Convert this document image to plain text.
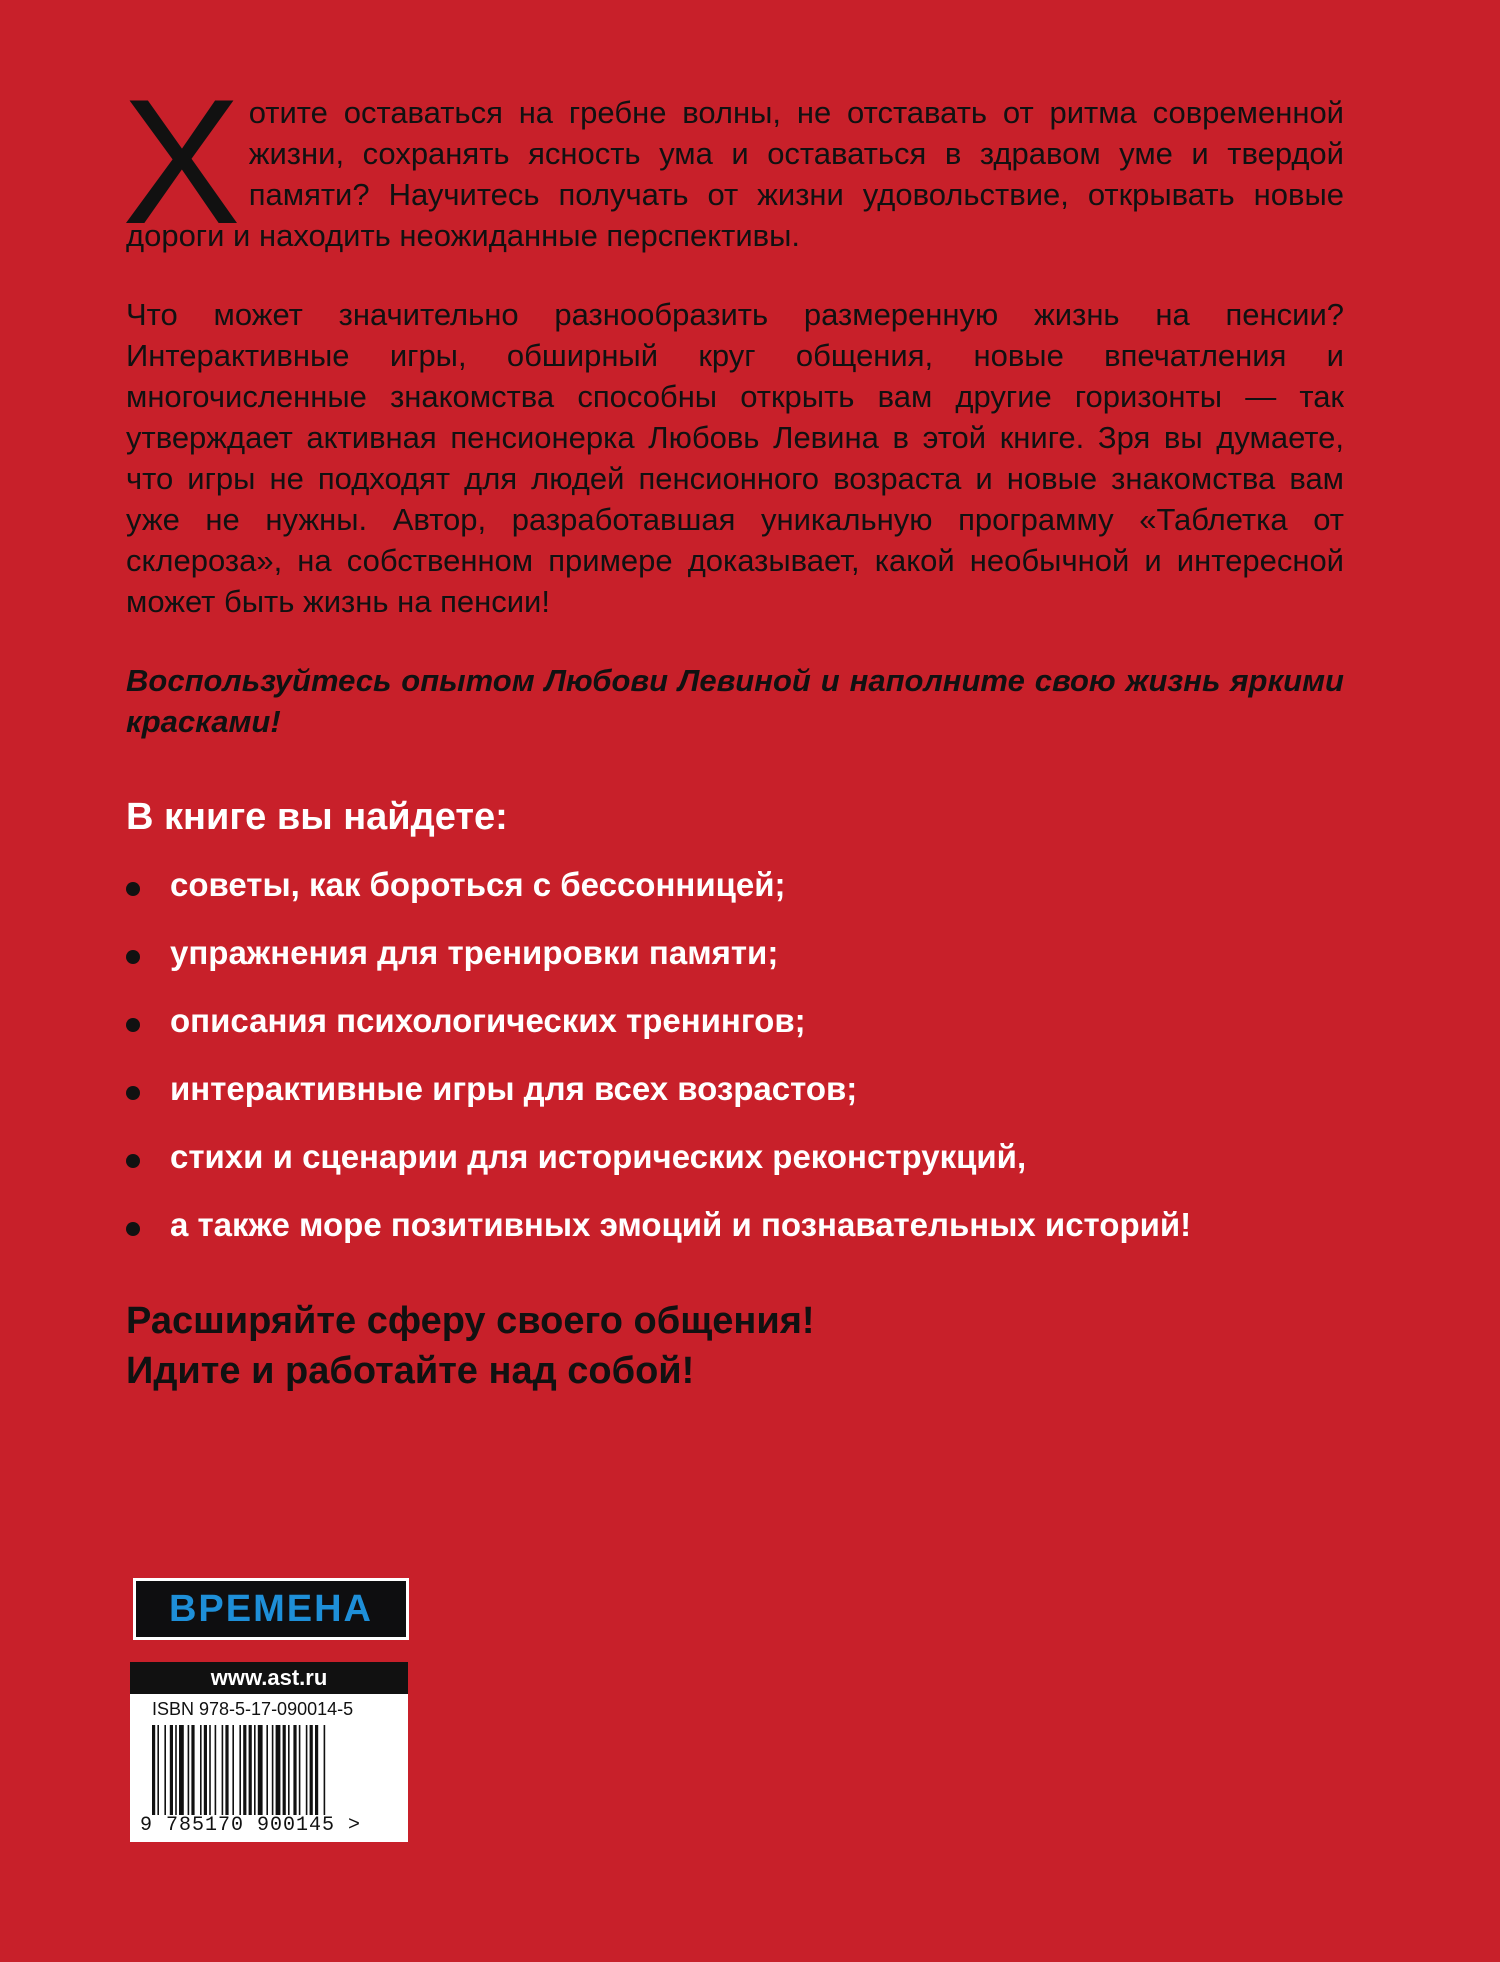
Хотите оставаться на гребне волны, не отставать от ритма современной жизни, сохранять ясность ума и оставаться в здравом уме и твердой памяти? Научитесь получать от жизни удовольствие, открывать новые дороги и находить неожиданные перспективы.

Что может значительно разнообразить размеренную жизнь на пенсии? Интерактивные игры, обширный круг общения, новые впечатления и многочисленные знакомства способны открыть вам другие горизонты — так утверждает активная пенсионерка Любовь Левина в этой книге. Зря вы думаете, что игры не подходят для людей пенсионного возраста и новые знакомства вам уже не нужны. Автор, разработавшая уникальную программу «Таблетка от склероза», на собственном примере доказывает, какой необычной и интересной может быть жизнь на пенсии!

Воспользуйтесь опытом Любови Левиной и наполните свою жизнь яркими красками!

В книге вы найдете:
советы, как бороться с бессонницей;
упражнения для тренировки памяти;
описания психологических тренингов;
интерактивные игры для всех возрастов;
стихи и сценарии для исторических реконструкций,
а также море позитивных эмоций и познавательных историй!
Расширяйте сферу своего общения!
Идите и работайте над собой!
ВРЕМЕНА
www.ast.ru
ISBN 978-5-17-090014-5
9 785170 900145 >
